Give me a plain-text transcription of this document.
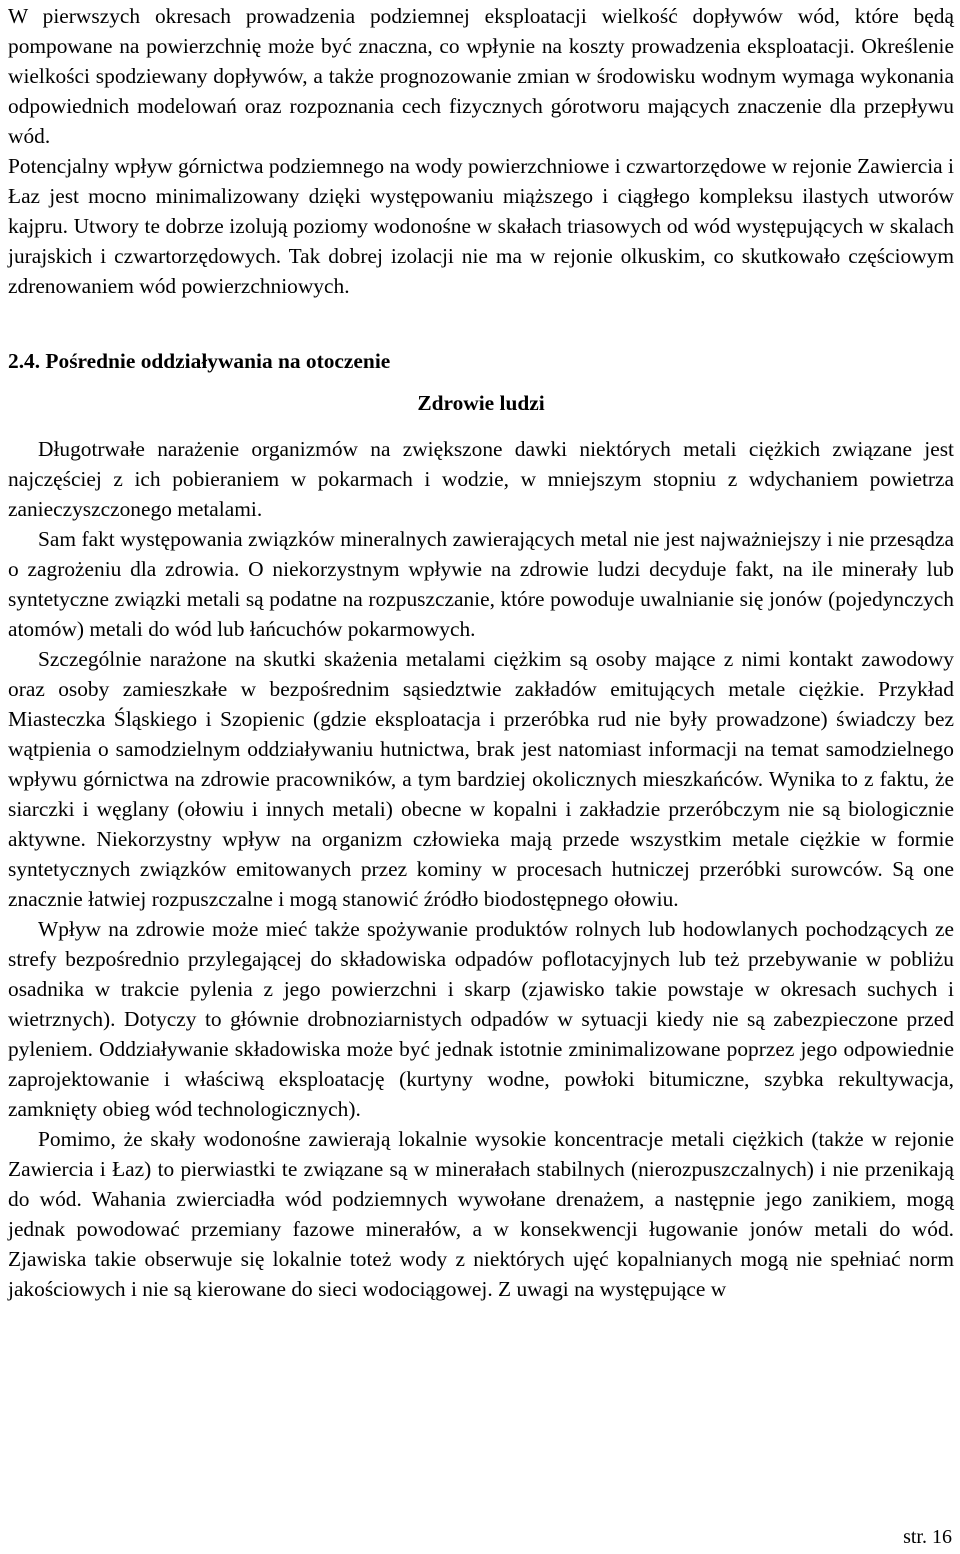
W pierwszych okresach prowadzenia podziemnej eksploatacji wielkość dopływów wód, które będą pompowane na powierzchnię może być znaczna, co wpłynie na koszty prowadzenia eksploatacji. Określenie wielkości spodziewany dopływów, a także prognozowanie zmian w środowisku wodnym wymaga wykonania odpowiednich modelowań oraz rozpoznania cech fizycznych górotworu mających znaczenie dla przepływu wód.

Potencjalny wpływ górnictwa podziemnego na wody powierzchniowe i czwartorzędowe w rejonie Zawiercia i Łaz jest mocno minimalizowany dzięki występowaniu miąższego i ciągłego kompleksu ilastych utworów kajpru. Utwory te dobrze izolują poziomy wodonośne w skałach triasowych od wód występujących w skalach jurajskich i czwartorzędowych. Tak dobrej izolacji nie ma w rejonie olkuskim, co skutkowało częściowym zdrenowaniem wód powierzchniowych.

2.4. Pośrednie oddziaływania na otoczenie
Zdrowie ludzi

Długotrwałe narażenie organizmów na zwiększone dawki niektórych metali ciężkich związane jest najczęściej z ich pobieraniem w pokarmach i wodzie, w mniejszym stopniu z wdychaniem powietrza zanieczyszczonego metalami.

Sam fakt występowania związków mineralnych zawierających metal nie jest najważniejszy i nie przesądza o zagrożeniu dla zdrowia. O niekorzystnym wpływie na zdrowie ludzi decyduje fakt, na ile minerały lub syntetyczne związki metali są podatne na rozpuszczanie, które powoduje uwalnianie się jonów (pojedynczych atomów) metali do wód lub łańcuchów pokarmowych.

Szczególnie narażone na skutki skażenia metalami ciężkim są osoby mające z nimi kontakt zawodowy oraz osoby zamieszkałe w bezpośrednim sąsiedztwie zakładów emitujących metale ciężkie. Przykład Miasteczka Śląskiego i Szopienic (gdzie eksploatacja i przeróbka rud nie były prowadzone) świadczy bez wątpienia o samodzielnym oddziaływaniu hutnictwa, brak jest natomiast informacji na temat samodzielnego wpływu górnictwa na zdrowie pracowników, a tym bardziej okolicznych mieszkańców. Wynika to z faktu, że siarczki i węglany (ołowiu i innych metali) obecne w kopalni i zakładzie przeróbczym nie są biologicznie aktywne. Niekorzystny wpływ na organizm człowieka mają przede wszystkim metale ciężkie w formie syntetycznych związków emitowanych przez kominy w procesach hutniczej przeróbki surowców. Są one znacznie łatwiej rozpuszczalne i mogą stanowić źródło biodostępnego ołowiu.

Wpływ na zdrowie może mieć także spożywanie produktów rolnych lub hodowlanych pochodzących ze strefy bezpośrednio przylegającej do składowiska odpadów poflotacyjnych lub też przebywanie w pobliżu osadnika w trakcie pylenia z jego powierzchni i skarp (zjawisko takie powstaje w okresach suchych i wietrznych). Dotyczy to głównie drobnoziarnistych odpadów w sytuacji kiedy nie są zabezpieczone przed pyleniem. Oddziaływanie składowiska może być jednak istotnie zminimalizowane poprzez jego odpowiednie zaprojektowanie i właściwą eksploatację (kurtyny wodne, powłoki bitumiczne, szybka rekultywacja, zamknięty obieg wód technologicznych).

Pomimo, że skały wodonośne zawierają lokalnie wysokie koncentracje metali ciężkich (także w rejonie Zawiercia i Łaz) to pierwiastki te związane są w minerałach stabilnych (nierozpuszczalnych) i nie przenikają do wód. Wahania zwierciadła wód podziemnych wywołane drenażem, a następnie jego zanikiem, mogą jednak powodować przemiany fazowe minerałów, a w konsekwencji ługowanie jonów metali do wód. Zjawiska takie obserwuje się lokalnie toteż wody z niektórych ujęć kopalnianych mogą nie spełniać norm jakościowych i nie są kierowane do sieci wodociągowej. Z uwagi na występujące w

str. 16
